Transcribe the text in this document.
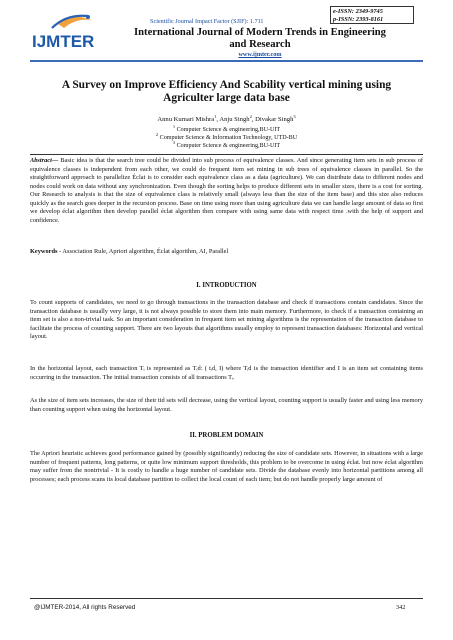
IJMTER
Scientific Journal Impact Factor (SJIF): 1.711
e-ISSN: 2349-9745
p-ISSN: 2393-8161
International Journal of Modern Trends in Engineering
and Research
www.ijmter.com
A Survey on Improve Efficiency And Scability vertical mining using
Agriculter large data base
Annu Kumari Mishra$^1$, Anju Singh$^2$, Divakar Singh$^3$
$^1$ Computer Science & engineering,BU-UIT
$^2$ Computer Science & Information Technology, UTD-BU
$^3$ Computer Science & engineering,BU-UIT
Abstract— Basic idea is that the search tree could be divided into sub process of equivalence classes. And since generating item sets in sub process of equivalence classes is independent from each other, we could do frequent item set mining in sub trees of equivalence classes in parallel. So the straightforward approach to parallelize Éclat is to consider each equivalence class as a data (agriculture). We can distribute data to different nodes and nodes could work on data without any synchronization. Even though the sorting helps to produce different sets in smaller sizes, there is a cost for sorting. Our Research to analysis is that the size of equivalence class is relatively small (always less than the size of the item base) and this size also reduces quickly as the search goes deeper in the recursion process. Base on time using more than using agriculture data we can handle large amount of data so first we develop éclat algorithm then develop parallel éclat algorithm then compare with using same data with respect time .with the help of support and confidence.
Keywords - Association Rule, Apriori algorithm, Éclat algorithm, AI, Parallel
I. INTRODUCTION
To count supports of candidates, we need to go through transactions in the transaction database and check if transactions contain candidates. Since the transaction database is usually very large, it is not always possible to store them into main memory. Furthermore, to check if a transaction containing an item set is also a non-trivial task. So an important consideration in frequent item set mining algorithms is the representation of the transaction database to facilitate the process of counting support. There are two layouts that algorithms usually employ to represent transaction databases: Horizontal and vertical layout.
In the horizontal layout, each transaction Tᵢ is represented as Tᵢd: ( tᵢd, I) where Tᵢd is the transaction identifier and I is an item set containing items occurring in the transaction. The initial transaction consists of all transactions Tᵢ.
As the size of item sets increases, the size of their tid sets will decrease, using the vertical layout, counting support is usually faster and using less memory than counting support when using the horizontal layout.
II. PROBLEM DOMAIN
The Apriori heuristic achieves good performance gained by (possibly significantly) reducing the size of candidate sets. However, in situations with a large number of frequent patterns, long patterns, or quite low minimum support thresholds, this problem to be overcome in using éclat. but now éclat algorithm may suffer from the nontrivial - It is costly to handle a huge number of candidate sets. Divide the database evenly into horizontal partitions among all processes; each process scans its local database partition to collect the local count of each item; but do not handle properly large amount of
@IJMTER-2014, All rights Reserved	342
